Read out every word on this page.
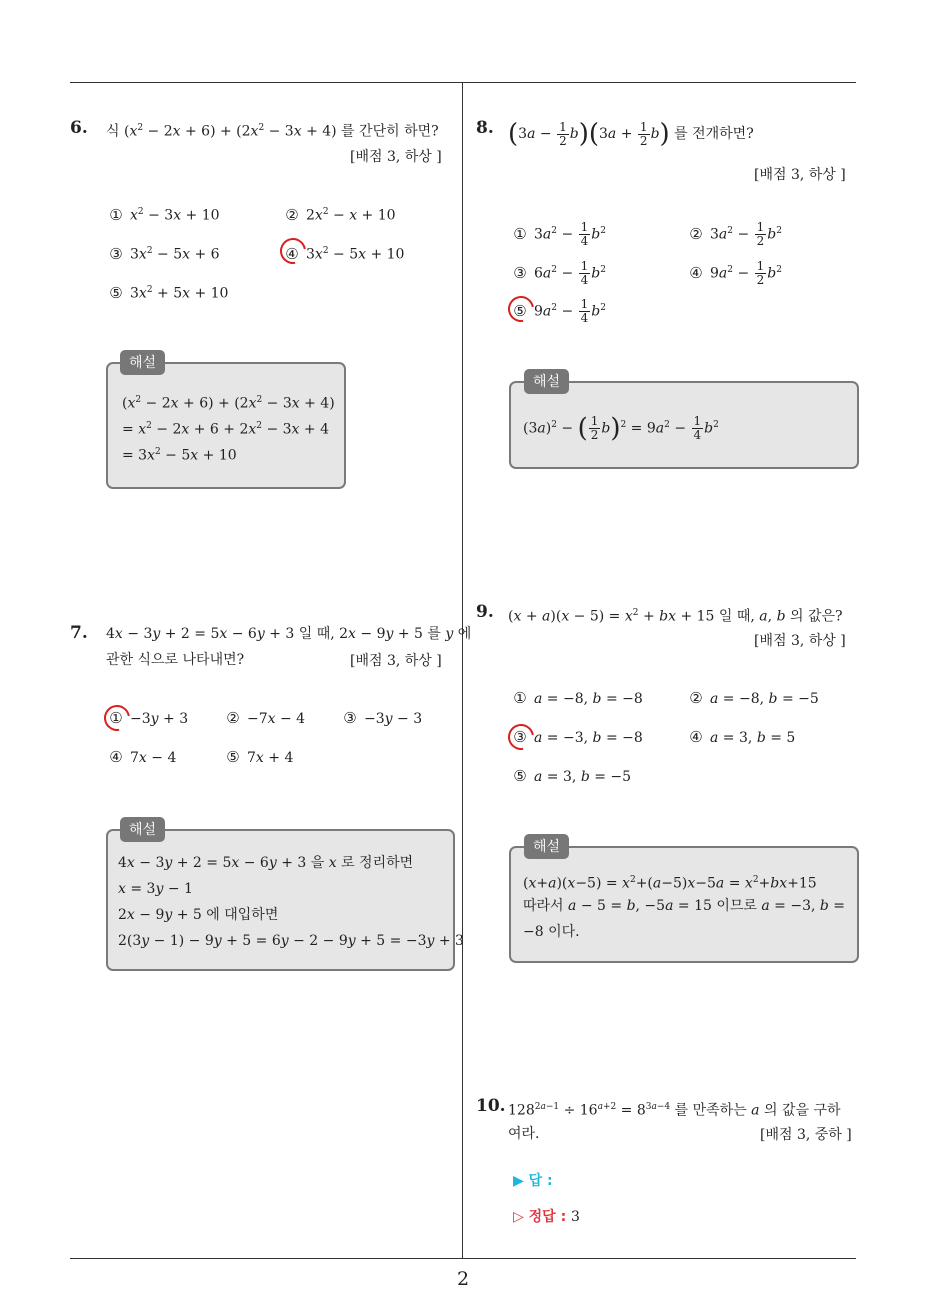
2
6. 식 $(x^2 - 2x + 6) + (2x^2 - 3x + 4)$ 를 간단히 하면?
[배점 3, 하상 ]
① $x^2 - 3x + 10$	② $2x^2 - x + 10$
③ $3x^2 - 5x + 6$	④ $3x^2 - 5x + 10$
⑤ $3x^2 + 5x + 10$
$(x^2 - 2x + 6) + (2x^2 - 3x + 4)$
= $x^2 - 2x + 6 + 2x^2 - 3x + 4$
= $3x^2 - 5x + 10$
해설
7. 4x − 3y + 2 = 5x − 6y + 3 일 때, 2x − 9y + 5 를 y 에
관한 식으로 나타내면?	[배점 3, 하상 ]
① −3y + 3	② −7x − 4	③ −3y − 3
④ 7x − 4	⑤ 7x + 4
4x − 3y + 2 = 5x − 6y + 3 을 x 로 정리하면
x = 3y − 1
2x − 9y + 5 에 대입하면
2(3y − 1) − 9y + 5 = 6y − 2 − 9y + 5 = −3y + 3
해설
8. $(3a - \frac{1}{2} b)(3a + \frac{1}{2} b)$ 를 전개하면?
[배점 3, 하상 ]
① $3a^2 - \frac{1}{4} b^2$	② $3a^2 - \frac{1}{2} b^2$
③ $6a^2 - \frac{1}{4} b^2$	④ $9a^2 - \frac{1}{2} b^2$
⑤ $9a^2 - \frac{1}{4} b^2$
$(3a)^2$ − ( $\frac{1}{2} b)^2 = 9a^2 - \frac{1}{4} b^2$
해설
9. $(x + a)(x - 5) = x^2$ + bx + 15 일 때, a, b 의 값은?
[배점 3, 하상 ]
① a = −8, b = −8	② a = −8, b = −5
③ a = −3, b = −8	④ a = 3, b = 5
⑤ a = 3, b = −5
$(x+a)(x-5) = x^2+(a-5)x-5a = x^2+bx+15$
따라서 a − 5 = b, −5a = 15 이므로 a = −3, b =
−8 이다.
해설
10. $128^{2a-1} \div 16^{a+2} = 8^{3a-4}$ 를 만족하는 a 의 값을 구하
여라.	[배점 3, 중하 ]
▶ 답 :
▷ 정답 : 3
